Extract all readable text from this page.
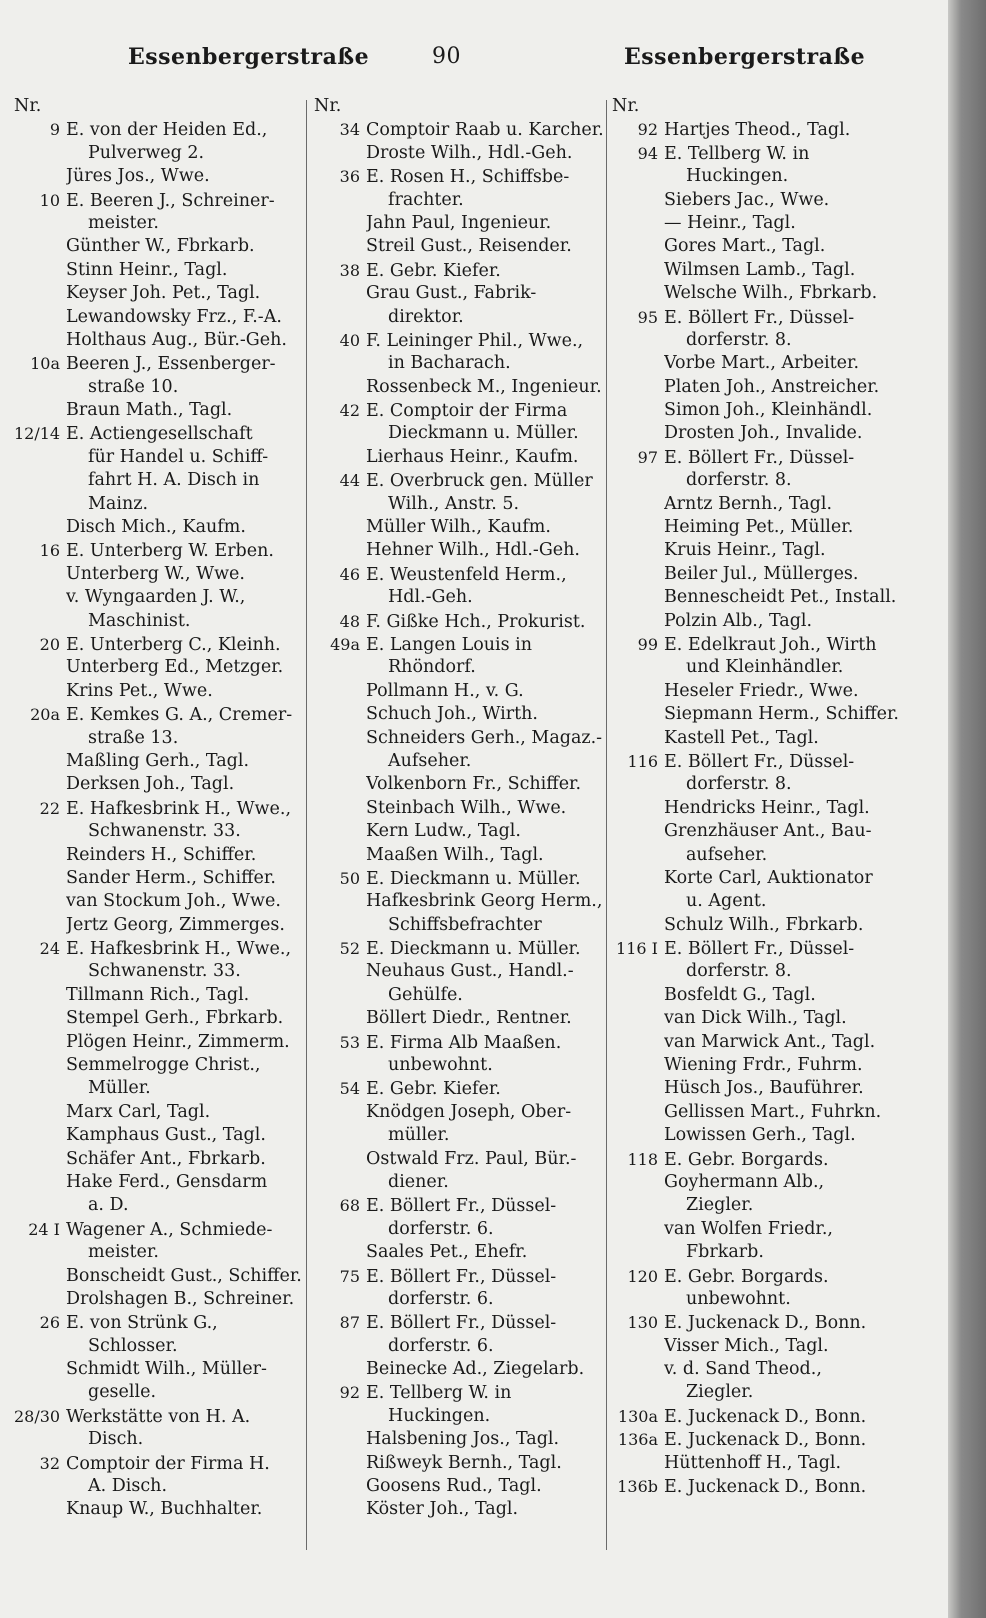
Essenbergerstraße	90	Essenbergerstraße
Nr.
9 E. von der Heiden Ed.,
Pulverweg 2.
Jüres Jos., Wwe.
10 E. Beeren J., Schreiner-
meister.
Günther W., Fbrkarb.
Stinn Heinr., Tagl.
Keyser Joh. Pet., Tagl.
Lewandowsky Frz., F.-A.
Holthaus Aug., Bür.-Geh.
10a Beeren J., Essenberger-
straße 10.
Braun Math., Tagl.
12/14 E. Actiengesellschaft
für Handel u. Schiff-
fahrt H. A. Disch in
Mainz.
Disch Mich., Kaufm.
16 E. Unterberg W. Erben.
Unterberg W., Wwe.
v. Wyngaarden J. W.,
Maschinist.
20 E. Unterberg C., Kleinh.
Unterberg Ed., Metzger.
Krins Pet., Wwe.
20a E. Kemkes G. A., Cremer-
straße 13.
Maßling Gerh., Tagl.
Derksen Joh., Tagl.
22 E. Hafkesbrink H., Wwe.,
Schwanenstr. 33.
Reinders H., Schiffer.
Sander Herm., Schiffer.
van Stockum Joh., Wwe.
Jertz Georg, Zimmerges.
24 E. Hafkesbrink H., Wwe.,
Schwanenstr. 33.
Tillmann Rich., Tagl.
Stempel Gerh., Fbrkarb.
Plögen Heinr., Zimmerm.
Semmelrogge Christ.,
Müller.
Marx Carl, Tagl.
Kamphaus Gust., Tagl.
Schäfer Ant., Fbrkarb.
Hake Ferd., Gensdarm
a. D.
24 I Wagener A., Schmiede-
meister.
Bonscheidt Gust., Schiffer.
Drolshagen B., Schreiner.
26 E. von Strünk G.,
Schlosser.
Schmidt Wilh., Müller-
geselle.
28/30 Werkstätte von H. A.
Disch.
32 Comptoir der Firma H.
A. Disch.
Knaup W., Buchhalter.
Nr.
34 Comptoir Raab u. Karcher.
Droste Wilh., Hdl.-Geh.
36 E. Rosen H., Schiffsbe-
frachter.
Jahn Paul, Ingenieur.
Streil Gust., Reisender.
38 E. Gebr. Kiefer.
Grau Gust., Fabrik-
direktor.
40 F. Leininger Phil., Wwe.,
in Bacharach.
Rossenbeck M., Ingenieur.
42 E. Comptoir der Firma
Dieckmann u. Müller.
Lierhaus Heinr., Kaufm.
44 E. Overbruck gen. Müller
Wilh., Anstr. 5.
Müller Wilh., Kaufm.
Hehner Wilh., Hdl.-Geh.
46 E. Weustenfeld Herm.,
Hdl.-Geh.
48 F. Gißke Hch., Prokurist.
49a E. Langen Louis in
Rhöndorf.
Pollmann H., v. G.
Schuch Joh., Wirth.
Schneiders Gerh., Magaz.-
Aufseher.
Volkenborn Fr., Schiffer.
Steinbach Wilh., Wwe.
Kern Ludw., Tagl.
Maaßen Wilh., Tagl.
50 E. Dieckmann u. Müller.
Hafkesbrink Georg Herm.,
Schiffsbefrachter
52 E. Dieckmann u. Müller.
Neuhaus Gust., Handl.-
Gehülfe.
Böllert Diedr., Rentner.
53 E. Firma Alb Maaßen.
unbewohnt.
54 E. Gebr. Kiefer.
Knödgen Joseph, Ober-
müller.
Ostwald Frz. Paul, Bür.-
diener.
68 E. Böllert Fr., Düssel-
dorferstr. 6.
Saales Pet., Ehefr.
75 E. Böllert Fr., Düssel-
dorferstr. 6.
87 E. Böllert Fr., Düssel-
dorferstr. 6.
Beinecke Ad., Ziegelarb.
92 E. Tellberg W. in
Huckingen.
Halsbening Jos., Tagl.
Rißweyk Bernh., Tagl.
Goosens Rud., Tagl.
Köster Joh., Tagl.
Nr.
92 Hartjes Theod., Tagl.
94 E. Tellberg W. in
Huckingen.
Siebers Jac., Wwe.
— Heinr., Tagl.
Gores Mart., Tagl.
Wilmsen Lamb., Tagl.
Welsche Wilh., Fbrkarb.
95 E. Böllert Fr., Düssel-
dorferstr. 8.
Vorbe Mart., Arbeiter.
Platen Joh., Anstreicher.
Simon Joh., Kleinhändl.
Drosten Joh., Invalide.
97 E. Böllert Fr., Düssel-
dorferstr. 8.
Arntz Bernh., Tagl.
Heiming Pet., Müller.
Kruis Heinr., Tagl.
Beiler Jul., Müllerges.
Bennescheidt Pet., Install.
Polzin Alb., Tagl.
99 E. Edelkraut Joh., Wirth
und Kleinhändler.
Heseler Friedr., Wwe.
Siepmann Herm., Schiffer.
Kastell Pet., Tagl.
116 E. Böllert Fr., Düssel-
dorferstr. 8.
Hendricks Heinr., Tagl.
Grenzhäuser Ant., Bau-
aufseher.
Korte Carl, Auktionator
u. Agent.
Schulz Wilh., Fbrkarb.
116 I E. Böllert Fr., Düssel-
dorferstr. 8.
Bosfeldt G., Tagl.
van Dick Wilh., Tagl.
van Marwick Ant., Tagl.
Wiening Frdr., Fuhrm.
Hüsch Jos., Bauführer.
Gellissen Mart., Fuhrkn.
Lowissen Gerh., Tagl.
118 E. Gebr. Borgards.
Goyhermann Alb.,
Ziegler.
van Wolfen Friedr.,
Fbrkarb.
120 E. Gebr. Borgards.
unbewohnt.
130 E. Juckenack D., Bonn.
Visser Mich., Tagl.
v. d. Sand Theod.,
Ziegler.
130a E. Juckenack D., Bonn.
136a E. Juckenack D., Bonn.
Hüttenhoff H., Tagl.
136b E. Juckenack D., Bonn.
